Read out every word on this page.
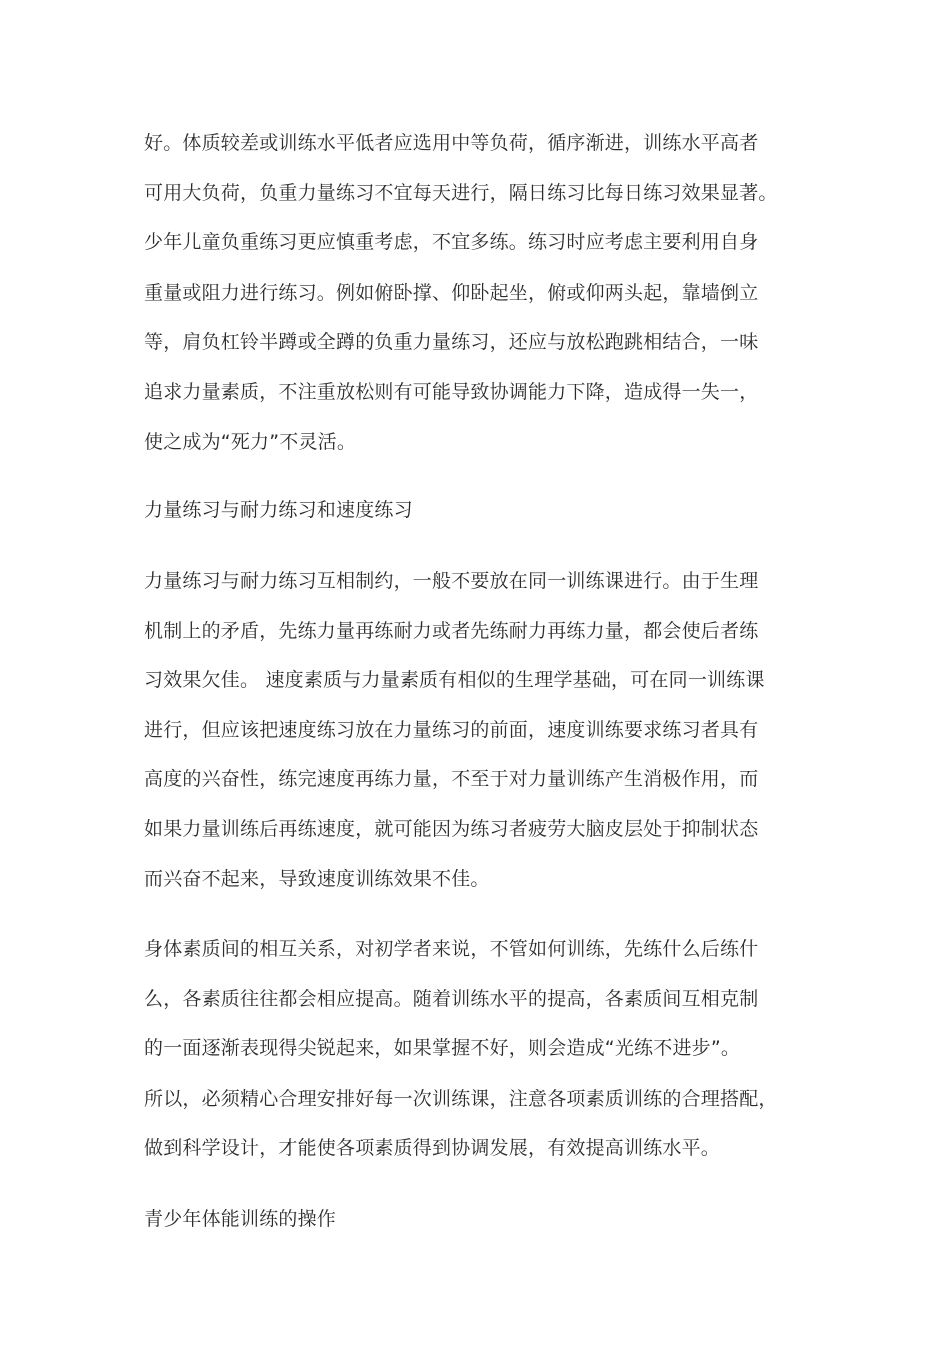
好。体质较差或训练水平低者应选用中等负荷，循序渐进，训练水平高者
可用大负荷，负重力量练习不宜每天进行，隔日练习比每日练习效果显著。
少年儿童负重练习更应慎重考虑，不宜多练。练习时应考虑主要利用自身
重量或阻力进行练习。例如俯卧撑、仰卧起坐，俯或仰两头起，靠墙倒立
等，肩负杠铃半蹲或全蹲的负重力量练习，还应与放松跑跳相结合，一味
追求力量素质，不注重放松则有可能导致协调能力下降，造成得一失一，
使之成为“死力”不灵活。
力量练习与耐力练习和速度练习
力量练习与耐力练习互相制约，一般不要放在同一训练课进行。由于生理
机制上的矛盾，先练力量再练耐力或者先练耐力再练力量，都会使后者练
习效果欠佳。 速度素质与力量素质有相似的生理学基础，可在同一训练课
进行，但应该把速度练习放在力量练习的前面，速度训练要求练习者具有
高度的兴奋性，练完速度再练力量，不至于对力量训练产生消极作用，而
如果力量训练后再练速度，就可能因为练习者疲劳大脑皮层处于抑制状态
而兴奋不起来，导致速度训练效果不佳。
身体素质间的相互关系，对初学者来说，不管如何训练，先练什么后练什
么，各素质往往都会相应提高。随着训练水平的提高，各素质间互相克制
的一面逐渐表现得尖锐起来，如果掌握不好，则会造成“光练不进步”。
所以，必须精心合理安排好每一次训练课，注意各项素质训练的合理搭配，
做到科学设计，才能使各项素质得到协调发展，有效提高训练水平。
青少年体能训练的操作
